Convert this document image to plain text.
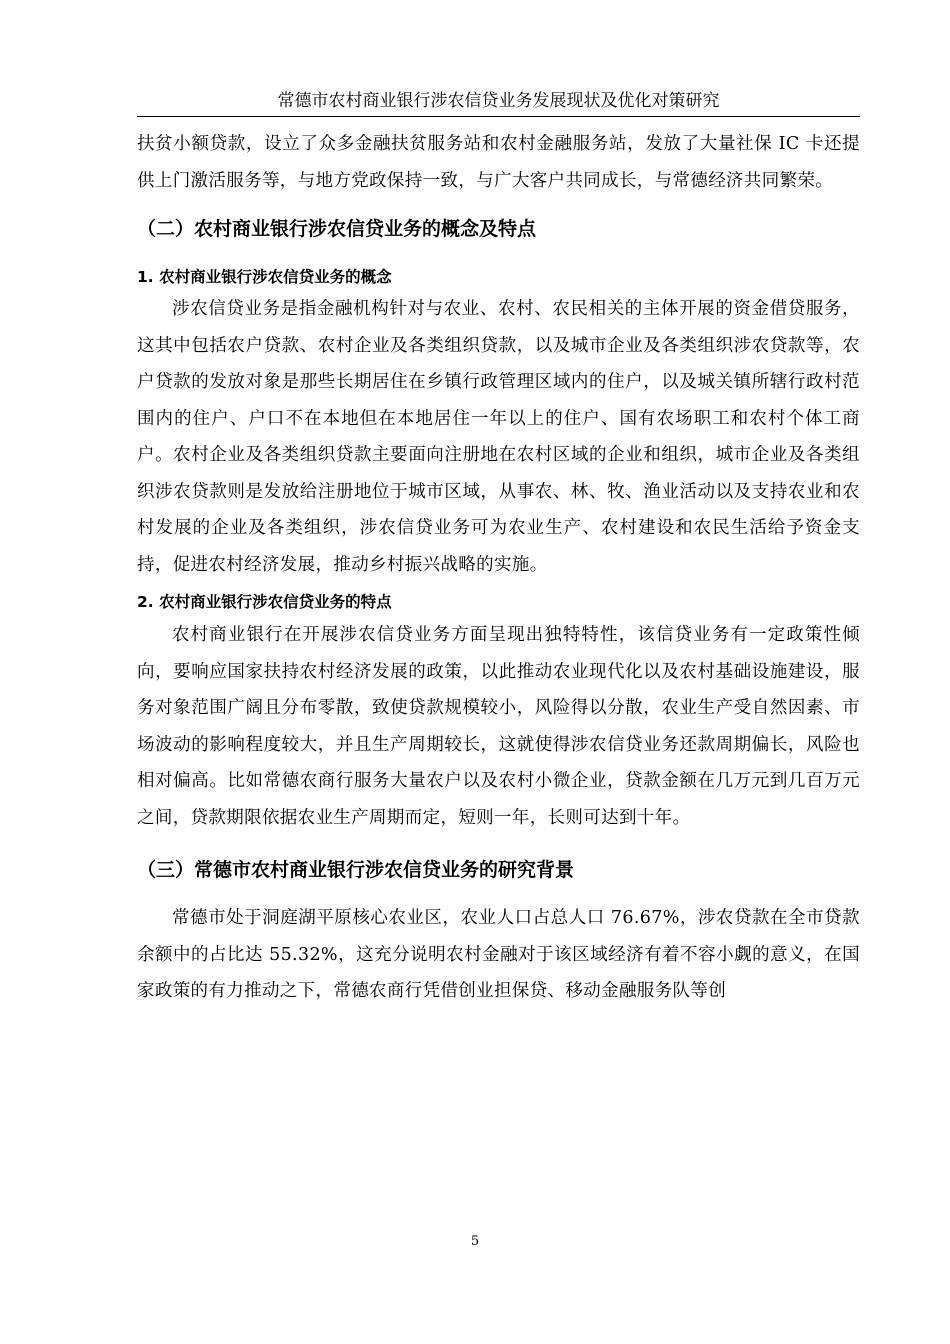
常德市农村商业银行涉农信贷业务发展现状及优化对策研究

扶贫小额贷款，设立了众多金融扶贫服务站和农村金融服务站，发放了大量社保 IC 卡还提供上门激活服务等，与地方党政保持一致，与广大客户共同成长，与常德经济共同繁荣。

（二）农村商业银行涉农信贷业务的概念及特点
1. 农村商业银行涉农信贷业务的概念

涉农信贷业务是指金融机构针对与农业、农村、农民相关的主体开展的资金借贷服务，这其中包括农户贷款、农村企业及各类组织贷款，以及城市企业及各类组织涉农贷款等，农户贷款的发放对象是那些长期居住在乡镇行政管理区域内的住户，以及城关镇所辖行政村范围内的住户、户口不在本地但在本地居住一年以上的住户、国有农场职工和农村个体工商户。农村企业及各类组织贷款主要面向注册地在农村区域的企业和组织，城市企业及各类组织涉农贷款则是发放给注册地位于城市区域，从事农、林、牧、渔业活动以及支持农业和农村发展的企业及各类组织，涉农信贷业务可为农业生产、农村建设和农民生活给予资金支持，促进农村经济发展，推动乡村振兴战略的实施。

2. 农村商业银行涉农信贷业务的特点

农村商业银行在开展涉农信贷业务方面呈现出独特特性，该信贷业务有一定政策性倾向，要响应国家扶持农村经济发展的政策，以此推动农业现代化以及农村基础设施建设，服务对象范围广阔且分布零散，致使贷款规模较小，风险得以分散，农业生产受自然因素、市场波动的影响程度较大，并且生产周期较长，这就使得涉农信贷业务还款周期偏长，风险也相对偏高。比如常德农商行服务大量农户以及农村小微企业，贷款金额在几万元到几百万元之间，贷款期限依据农业生产周期而定，短则一年，长则可达到十年。

（三）常德市农村商业银行涉农信贷业务的研究背景

常德市处于洞庭湖平原核心农业区，农业人口占总人口 76.67%，涉农贷款在全市贷款余额中的占比达 55.32%，这充分说明农村金融对于该区域经济有着不容小觑的意义，在国家政策的有力推动之下，常德农商行凭借创业担保贷、移动金融服务队等创

5
